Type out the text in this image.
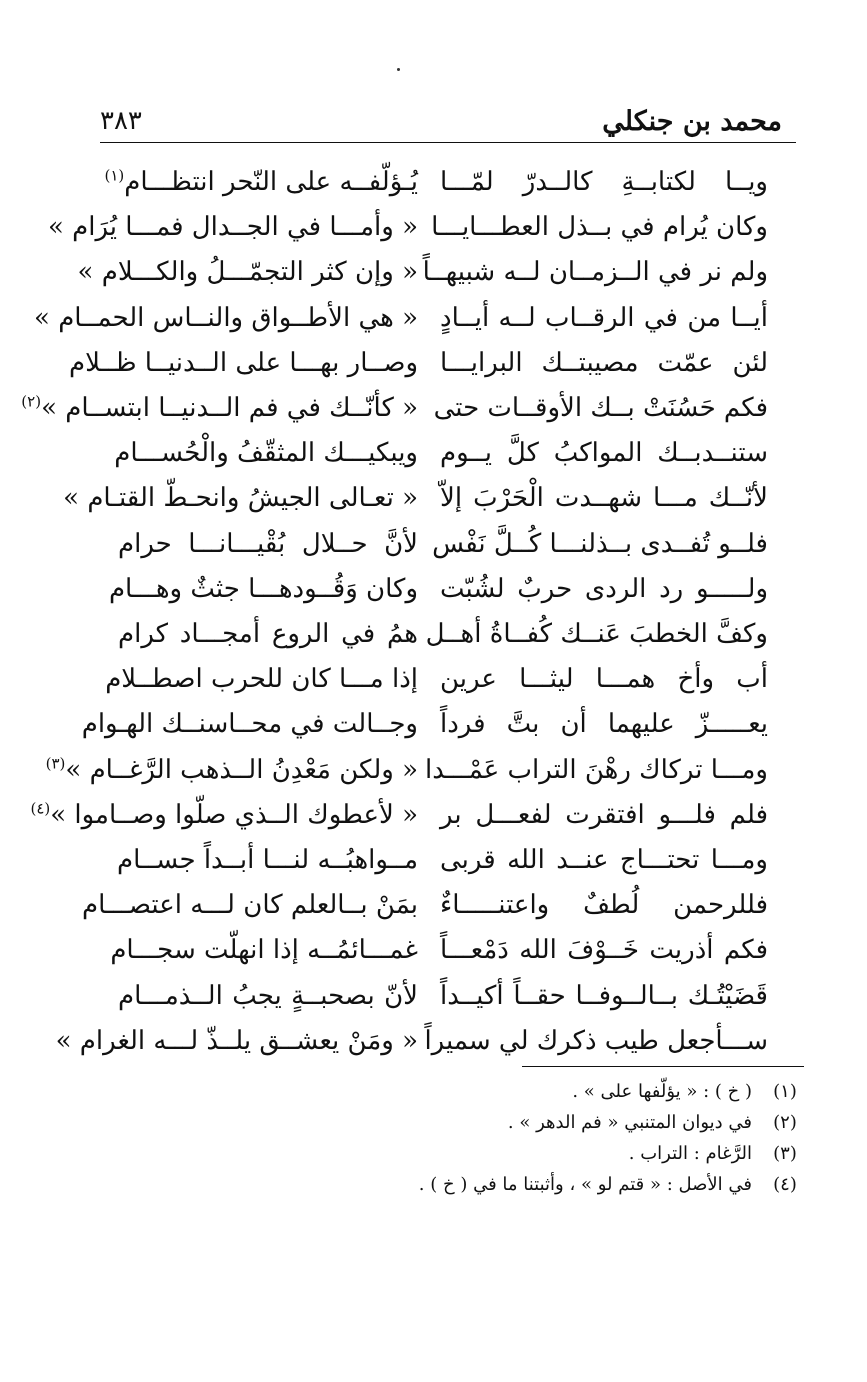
محمد بن جنكلي
٣٨٣
ويــا لكتابــةِ كالــدرّ لمّـــا
يُـؤلّفــه على النّحر انتظـــام$^{(١)}$
وكان يُرام في بــذل العطـــايـــا
« وأمـــا في الجــدال فمـــا يُرَام »
ولم نر في الــزمــان لــه شبيهــاً
« وإن كثر التجمّـــلُ والكـــلام »
أيــا من في الرقــاب لــه أيــادٍ
« هي الأطــواق والنــاس الحمــام »
لئن عمّت مصيبتــك البرايـــا
وصــار بهـــا على الــدنيــا ظــلام
فكم حَسُنَتْ بــك الأوقــات حتى
« كأنّــك في فم الــدنيــا ابتســام »$^{(٢)}$
ستنــدبــك المواكبُ كلَّ يــوم
ويبكيـــك المثقّفُ والْحُســـام
لأنّــك مـــا شهــدت الْحَرْبَ إلاّ
« تعـالى الجيشُ وانحـطّ القتـام »
فلــو تُفــدى بــذلنـــا كُــلَّ نَفْس
لأنَّ حــلال بُقْيـــانـــا حرام
ولـــــو رد الردى حربٌ لشُبّت
وكان وَقُــودهـــا جثثٌ وهـــام
وكفَّ الخطبَ عَنــك كُفــاةُ أهــل
همُ في الروع أمجـــاد كرام
أب وأخ همـــا ليثـــا عرين
إذا مـــا كان للحرب اصطــلام
يعـــــزّ عليهما أن بتَّ فرداً
وجــالت في محــاسنــك الهـوام
ومـــا تركاك رهْنَ التراب عَمْـــدا
« ولكن مَعْدِنُ الــذهب الرَّغــام »$^{(٣)}$
فلم فلـــو افتقرت لفعـــل بر
« لأعطوك الــذي صلّوا وصــاموا »$^{(٤)}$
ومـــا تحتـــاج عنــد الله قربى
مــواهبُــه لنـــا أبــداً جســام
فللرحمن لُطفٌ واعتنـــــاءٌ
بمَنْ بــالعلم كان لـــه اعتصـــام
فكم أذريت خَــوْفَ الله دَمْعـــاً
غمـــائمُــه إذا انهلّت سجـــام
قَضَيْتُـك بــالــوفــا حقــاً أكيــداً
لأنّ بصحبــةٍ يجبُ الــذمـــام
ســـأجعل طيب ذكرك لي سميراً
« ومَنْ يعشــق يلــذّ لـــه الغرام »
(١)
( خ ) : « يؤلّفها على » .
(٢)
في ديوان المتنبي « فم الدهر » .
(٣)
الرَّغام : التراب .
(٤)
في الأصل : « قتم لو » ، وأثبتنا ما في ( خ ) .
